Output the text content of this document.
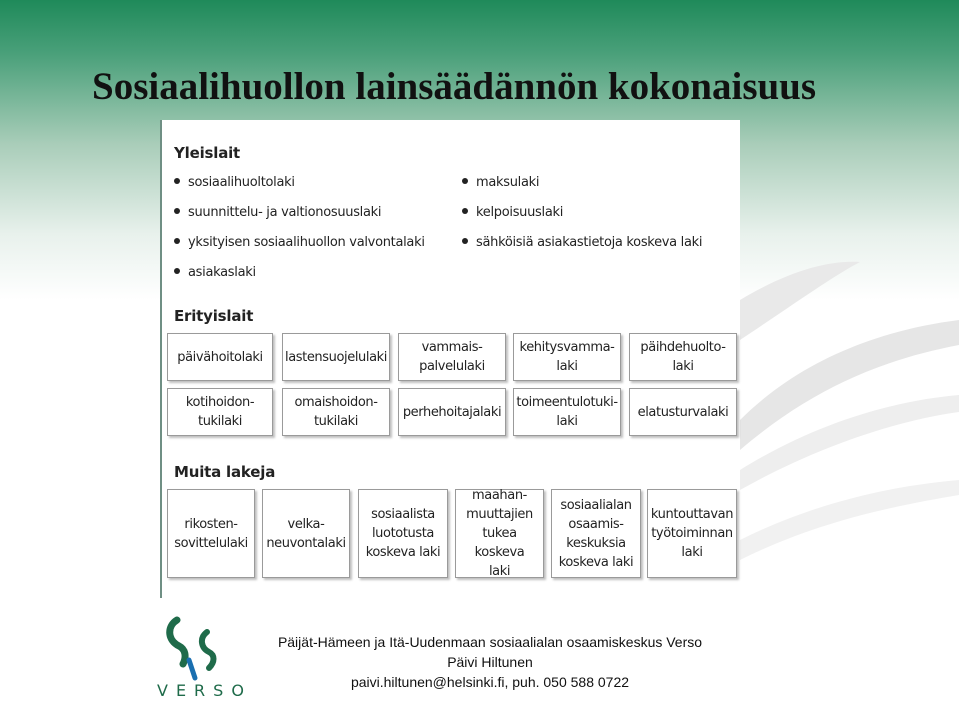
Sosiaalihuollon lainsäädännön kokonaisuus
Yleislait
sosiaalihuoltolaki
suunnittelu- ja valtionosuuslaki
yksityisen sosiaalihuollon valvontalaki
asiakaslaki
maksulaki
kelpoisuuslaki
sähköisiä asiakastietoja koskeva laki
Erityislait
päivähoitolaki	lastensuojelulaki
vammais-
palvelulaki
kehitysvamma-
laki
päihdehuolto-
laki
kotihoidon-
tukilaki
omaishoidon-
tukilaki
perhehoitajalaki
toimeentulotuki-
laki
elatusturvalaki
Muita lakeja
rikosten-
sovittelulaki
velka-
neuvontalaki
sosiaalista
luototusta
koskeva laki
maahan-
muuttajien
tukea koskeva
laki
sosiaalialan
osaamis-
keskuksia
koskeva laki
kuntouttavan
työtoiminnan
laki
VERSO
Päijät-Hämeen ja Itä-Uudenmaan sosiaalialan osaamiskeskus Verso
Päivi Hiltunen
paivi.hiltunen@helsinki.fi, puh. 050 588 0722
